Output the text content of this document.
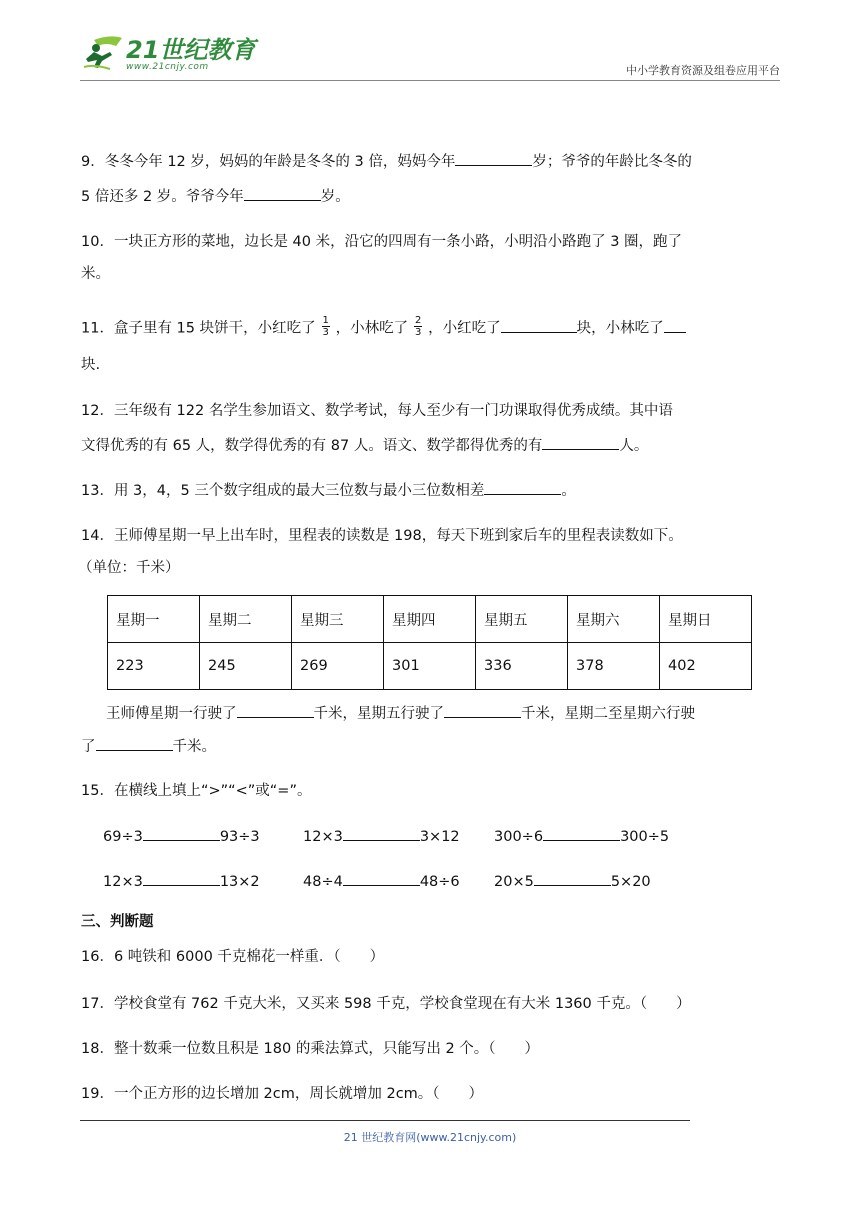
21世纪教育
www.21cnjy.com	中小学教育资源及组卷应用平台
9．冬冬今年 12 岁，妈妈的年龄是冬冬的 3 倍，妈妈今年	岁；爷爷的年龄比冬冬的
5 倍还多 2 岁。爷爷今年	岁。
10．一块正方形的菜地，边长是 40 米，沿它的四周有一条小路，小明沿小路跑了 3 圈，跑了
米。
11．盒子里有 15 块饼干，小红吃了 $\frac{1}{3}$ ，小林吃了 $\frac{2}{3}$ ，小红吃了	块，小林吃了
块.
12．三年级有 122 名学生参加语文、数学考试，每人至少有一门功课取得优秀成绩。其中语
文得优秀的有 65 人，数学得优秀的有 87 人。语文、数学都得优秀的有	人。
13．用 3，4，5 三个数字组成的最大三位数与最小三位数相差	。
14．王师傅星期一早上出车时，里程表的读数是 198，每天下班到家后车的里程表读数如下。
（单位：千米）
星期一	星期二	星期三	星期四	星期五	星期六	星期日
223	245	269	301	336	378	402
王师傅星期一行驶了	千米，星期五行驶了	千米，星期二至星期六行驶
了	千米。
15．在横线上填上“>”“<”或“=”。
69÷3	93÷3	12×3	3×12 300÷6	300÷5
12×3	13×2	48÷4	48÷6 20×5	5×20
三、判断题
16．6 吨铁和 6000 千克棉花一样重．（　　）
17．学校食堂有 762 千克大米，又买来 598 千克，学校食堂现在有大米 1360 千克。（　　）
18．整十数乘一位数且积是 180 的乘法算式，只能写出 2 个。（　　）
19．一个正方形的边长增加 2cm，周长就增加 2cm。（　　）
21 世纪教育网(www.21cnjy.com)
